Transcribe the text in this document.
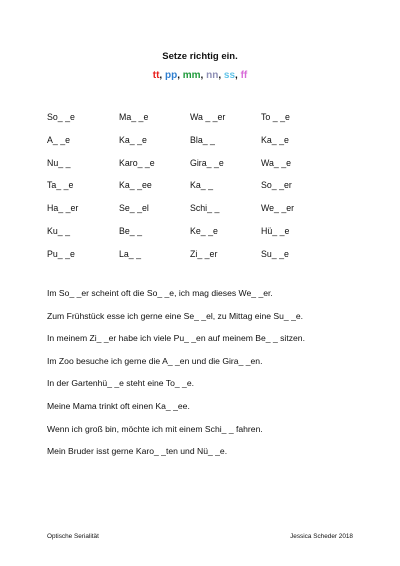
Setze richtig ein.
tt , pp , mm , nn , ss , ff
So_ _e	Ma_ _e	Wa _ _er	To _ _e
A_ _e	Ka_ _e	Bla_ _	Ka_ _e
Nu_ _	Karo_ _e	Gira_ _e	Wa_ _e
Ta_ _e	Ka_ _ee	Ka_ _	So_ _er
Ha_ _er	Se_ _el	Schi_ _	We_ _er
Ku_ _	Be_ _	Ke_ _e	Hü_ _e
Pu_ _e	La_ _	Zi_ _er	Su_ _e
Im So_ _er scheint oft die So_ _e, ich mag dieses We_ _er.
Zum Frühstück esse ich gerne eine Se_ _el, zu Mittag eine Su_ _e.
In meinem Zi_ _er habe ich viele Pu_ _en auf meinem Be_ _ sitzen.
Im Zoo besuche ich gerne die A_ _en und die Gira_ _en.
In der Gartenhü_ _e steht eine To_ _e.
Meine Mama trinkt oft einen Ka_ _ee.
Wenn ich groß bin, möchte ich mit einem Schi_ _ fahren.
Mein Bruder isst gerne Karo_ _ten und Nü_ _e.
Optische Serialität	Jessica Scheder 2018
